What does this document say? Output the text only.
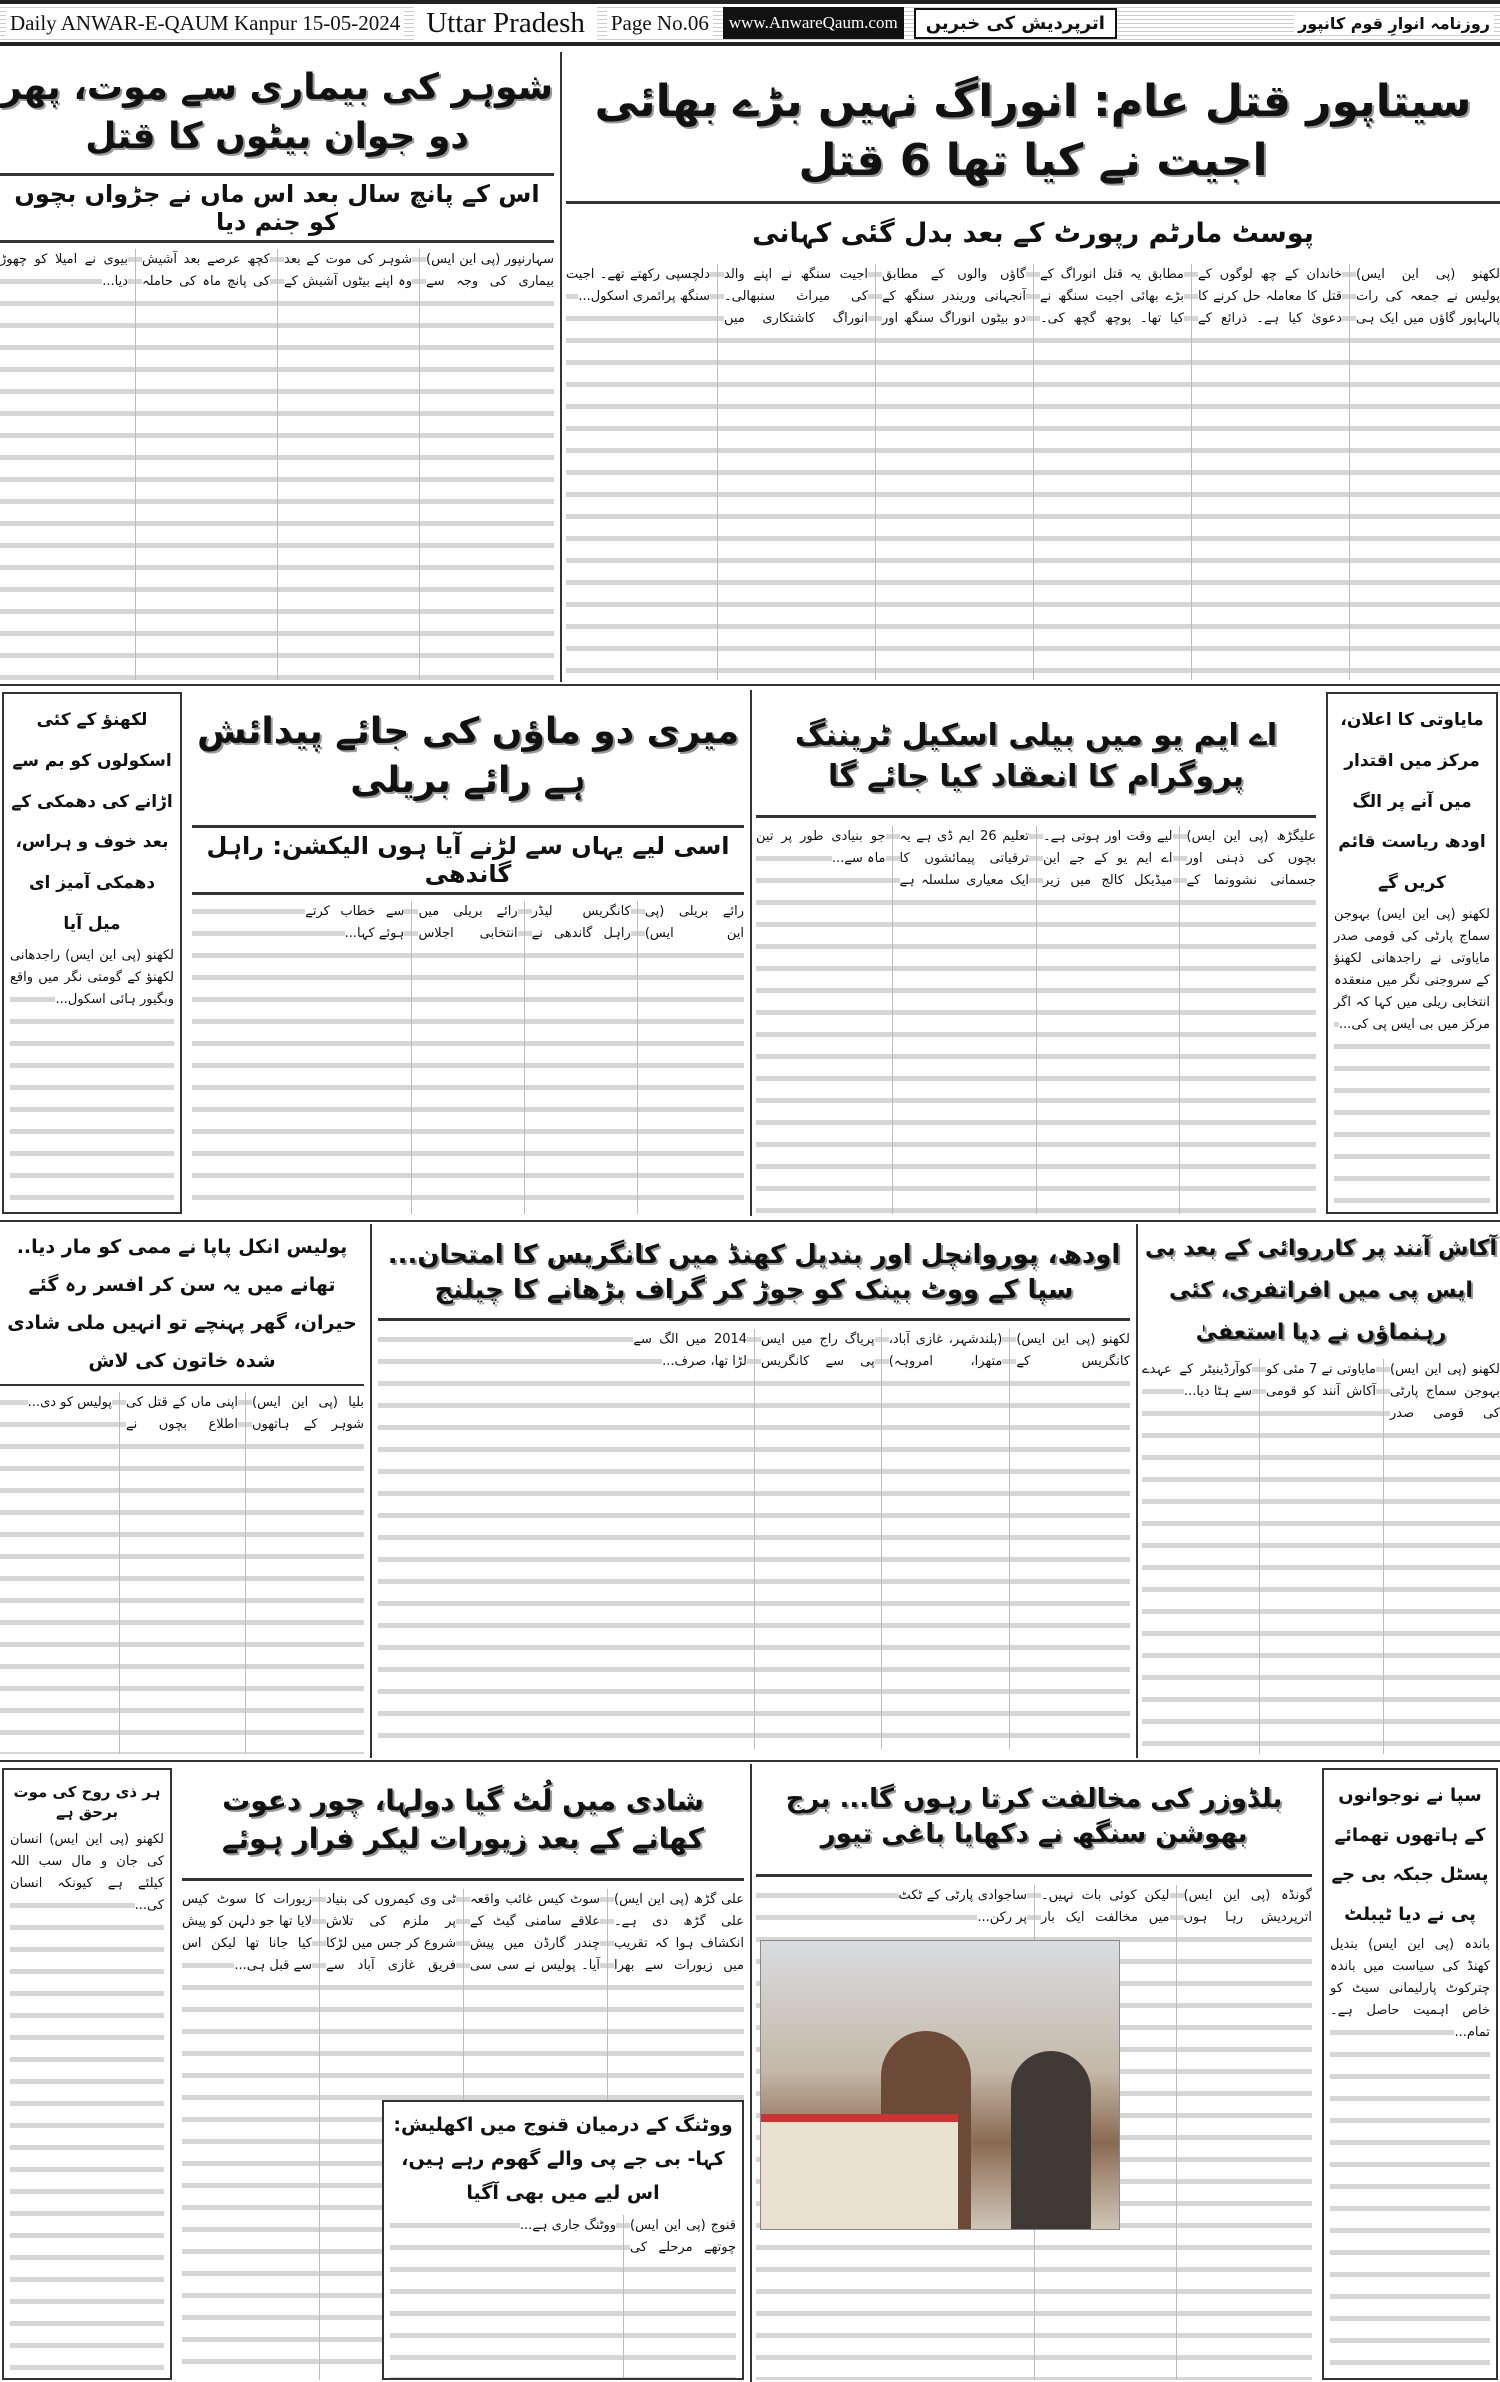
Daily ANWAR-E-QAUM Kanpur 15-05-2024 Uttar Pradesh	Page No.06	www.AnwareQaum.com	اترپردیش کی خبریں	روزنامہ انوارِ قوم کانپور
سیتاپور قتل عام: انوراگ نہیں بڑے بھائی اجیت نے کیا تھا 6 قتل
پوسٹ مارٹم رپورٹ کے بعد بدل گئی کہانی

لکھنو (پی این ایس) پولیس نے جمعہ کی رات پالہاپور گاؤں میں ایک ہی خاندان کے چھ لوگوں کے قتل کا معاملہ حل کرنے کا دعویٰ کیا ہے۔ ذرائع کے مطابق یہ قتل انوراگ کے بڑے بھائی اجیت سنگھ نے کیا تھا۔ پوچھ گچھ کی۔ گاؤں والوں کے مطابق آنجہانی وریندر سنگھ کے دو بیٹوں انوراگ سنگھ اور اجیت سنگھ نے اپنے والد کی میراث سنبھالی۔ انوراگ کاشتکاری میں دلچسپی رکھتے تھے۔ اجیت سنگھ پرائمری اسکول...

شوہر کی بیماری سے موت، پھر دو جوان بیٹوں کا قتل
اس کے پانچ سال بعد اس ماں نے جڑواں بچوں کو جنم دیا

سہارنپور (پی این ایس) بیماری کی وجہ سے شوہر کی موت کے بعد وہ اپنے بیٹوں آشیش کے کچھ عرصے بعد آشیش کی پانچ ماہ کی حاملہ بیوی نے امیلا کو چھوڑ دیا...

لکھنؤ کے کئی اسکولوں کو بم سے اڑانے کی دھمکی کے بعد خوف و ہراس، دھمکی آمیز ای میل آیا

لکھنو (پی این ایس) راجدھانی لکھنؤ کے گومتی نگر میں واقع وبگیور ہائی اسکول...

میری دو ماؤں کی جائے پیدائش ہے رائے بریلی
اسی لیے یہاں سے لڑنے آیا ہوں الیکشن: راہل گاندھی

رائے بریلی (پی این ایس) کانگریس لیڈر راہل گاندھی نے رائے بریلی میں انتخابی اجلاس سے خطاب کرتے ہوئے کہا...

اے ایم یو میں بیلی اسکیل ٹریننگ پروگرام کا انعقاد کیا جائے گا

علیگڑھ (پی این ایس) بچوں کی ذہنی اور جسمانی نشوونما کے لیے وقت اور ہوتی ہے۔ اے ایم یو کے جے این میڈیکل کالج میں زیر تعلیم 26 ایم ڈی ہے یہ ترقیاتی پیمائشوں کا ایک معیاری سلسلہ ہے جو بنیادی طور پر تین ماہ سے...

مایاوتی کا اعلان، مرکز میں اقتدار میں آنے پر الگ اودھ ریاست قائم کریں گے

لکھنو (پی این ایس) بہوجن سماج پارٹی کی قومی صدر مایاوتی نے راجدھانی لکھنؤ کے سروجنی نگر میں منعقدہ انتخابی ریلی میں کہا کہ اگر مرکز میں بی ایس پی کی...

پولیس انکل پاپا نے ممی کو مار دیا.. تھانے میں یہ سن کر افسر رہ گئے حیران، گھر پہنچے تو انہیں ملی شادی شدہ خاتون کی لاش

بلیا (پی این ایس) شوہر کے ہاتھوں اپنی ماں کے قتل کی اطلاع بچوں نے پولیس کو دی...

اودھ، پوروانچل اور بندیل کھنڈ میں کانگریس کا امتحان... سپا کے ووٹ بینک کو جوڑ کر گراف بڑھانے کا چیلنج

لکھنو (پی این ایس) کانگریس کے (بلندشہر، غازی آباد، متھرا، امروہہ) پریاگ راج میں ایس پی سے کانگریس 2014 میں الگ سے لڑا تھا، صرف...

آکاش آنند پر کارروائی کے بعد بی ایس پی میں افراتفری، کئی رہنماؤں نے دیا استعفیٰ

لکھنو (پی این ایس) بہوجن سماج پارٹی کی قومی صدر مایاوتی نے 7 مئی کو آکاش آنند کو قومی کوآرڈینیٹر کے عہدے سے ہٹا دیا...

ہر ذی روح کی موت برحق ہے

لکھنو (پی این ایس) انسان کی جان و مال سب اللہ کیلئے ہے کیونکہ انسان کی...

شادی میں لُٹ گیا دولہا، چور دعوت کھانے کے بعد زیورات لیکر فرار ہوئے

علی گڑھ (پی این ایس) علی گڑھ دی ہے۔ انکشاف ہوا کہ تقریب میں زیورات سے بھرا سوٹ کیس غائب واقعہ علاقے سامنی گیٹ کے چندر گارڈن میں پیش آیا۔ پولیس نے سی سی ٹی وی کیمروں کی بنیاد پر ملزم کی تلاش شروع کر جس میں لڑکا فریق غازی آباد سے زیورات کا سوٹ کیس لایا تھا جو دلہن کو پیش کیا جانا تھا لیکن اس سے قبل ہی...

ووٹنگ کے درمیان قنوج میں اکھلیش: کہا- بی جے پی والے گھوم رہے ہیں، اس لیے میں بھی آگیا

قنوج (پی این ایس) چوتھے مرحلے کی ووٹنگ جاری ہے...

بلڈوزر کی مخالفت کرتا رہوں گا... برج بھوشن سنگھ نے دکھایا باغی تیور

گونڈہ (پی این ایس) اترپردیش رہا ہوں لیکن کوئی بات نہیں۔ میں مخالفت ایک بار ساجوادی پارٹی کے ٹکٹ پر رکن...

سپا نے نوجوانوں کے ہاتھوں تھمائے پسٹل جبکہ بی جے پی نے دیا ٹیبلٹ

باندہ (پی این ایس) بندیل کھنڈ کی سیاست میں باندہ چترکوٹ پارلیمانی سیٹ کو خاص اہمیت حاصل ہے۔ تمام...
